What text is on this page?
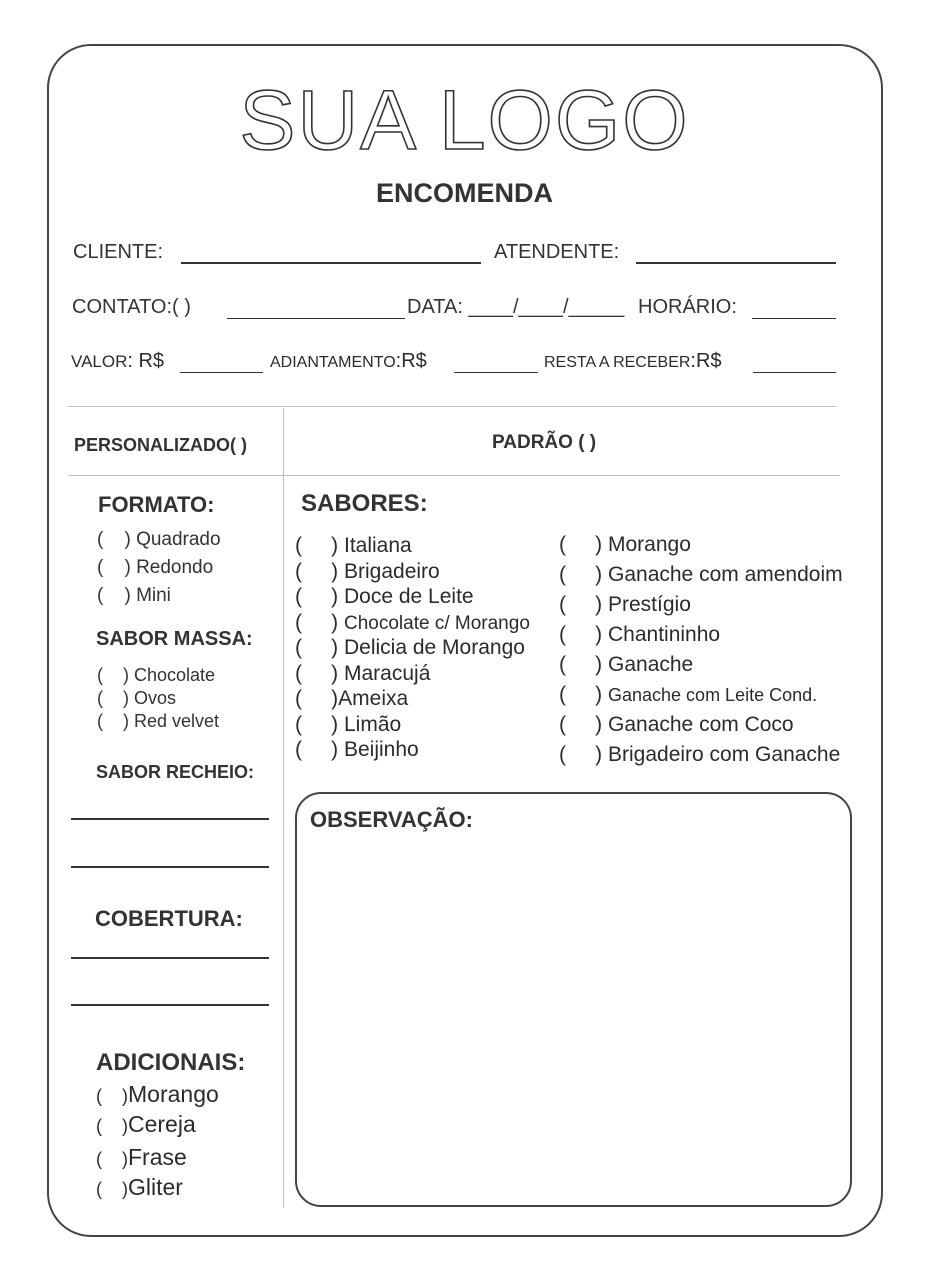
SUA LOGO
ENCOMENDA
CLIENTE:	ATENDENTE:
CONTATO:( )	DATA: ____/____/_____ HORÁRIO:
VALOR: R$	ADIANTAMENTO:R$	RESTA A RECEBER:R$
PERSONALIZADO( )	PADRÃO ( )
FORMATO:
(    ) Quadrado
(    ) Redondo
(    ) Mini
SABOR MASSA:
(    ) Chocolate
(    ) Ovos
(    ) Red velvet
SABOR RECHEIO:
COBERTURA:
ADICIONAIS:
(    )Morango
(    )Cereja
(    )Frase
(    )Gliter
SABORES:
(     ) Italiana
(     ) Brigadeiro
(     ) Doce de Leite
(     ) Chocolate c/ Morango
(     ) Delicia de Morango
(     ) Maracujá
(     )Ameixa
(     ) Limão
(     ) Beijinho
(     ) Morango
(     ) Ganache com amendoim
(     ) Prestígio
(     ) Chantininho
(     ) Ganache
(     ) Ganache com Leite Cond.
(     ) Ganache com Coco
(     ) Brigadeiro com Ganache
OBSERVAÇÃO:
